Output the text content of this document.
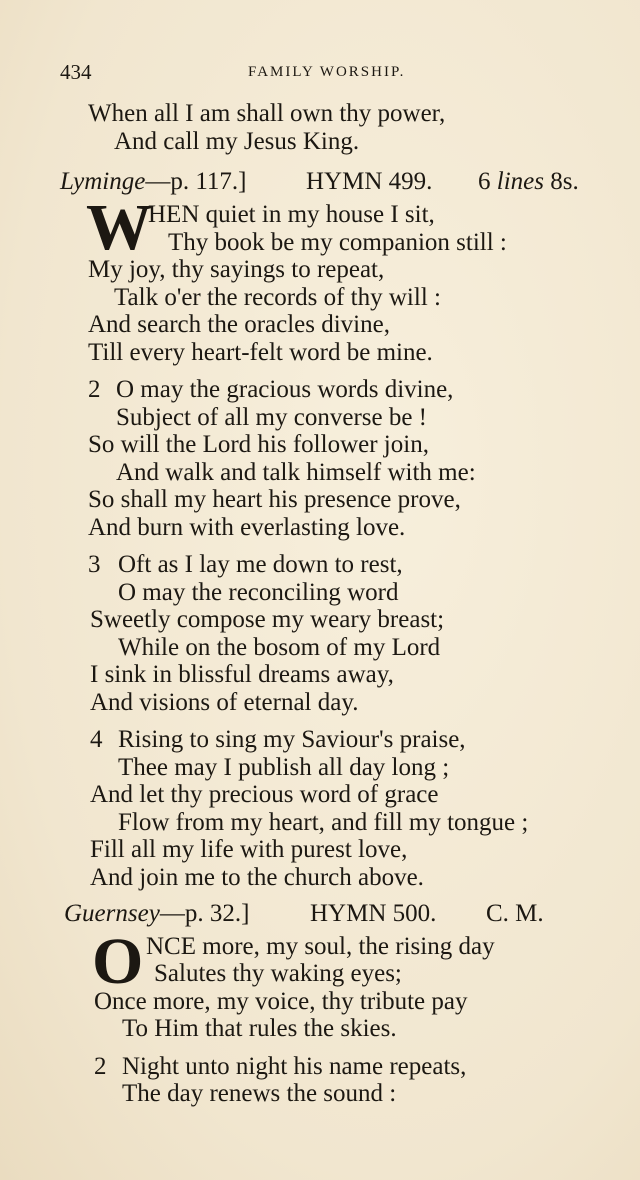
434	FAMILY WORSHIP.
When all I am shall own thy power,
And call my Jesus King.
Lyminge—p. 117.] HYMN 499. 6 lines 8s.
W
HEN quiet in my house I sit,
Thy book be my companion still :
My joy, thy sayings to repeat,
Talk o'er the records of thy will :
And search the oracles divine,
Till every heart-felt word be mine.
2 O may the gracious words divine,
Subject of all my converse be !
So will the Lord his follower join,
And walk and talk himself with me:
So shall my heart his presence prove,
And burn with everlasting love.
3 Oft as I lay me down to rest,
O may the reconciling word
Sweetly compose my weary breast;
While on the bosom of my Lord
I sink in blissful dreams away,
And visions of eternal day.
4 Rising to sing my Saviour's praise,
Thee may I publish all day long ;
And let thy precious word of grace
Flow from my heart, and fill my tongue ;
Fill all my life with purest love,
And join me to the church above.
Guernsey—p. 32.] HYMN 500. C. M.
O NCE more, my soul, the rising day
Salutes thy waking eyes;
Once more, my voice, thy tribute pay
To Him that rules the skies.
2 Night unto night his name repeats,
The day renews the sound :
